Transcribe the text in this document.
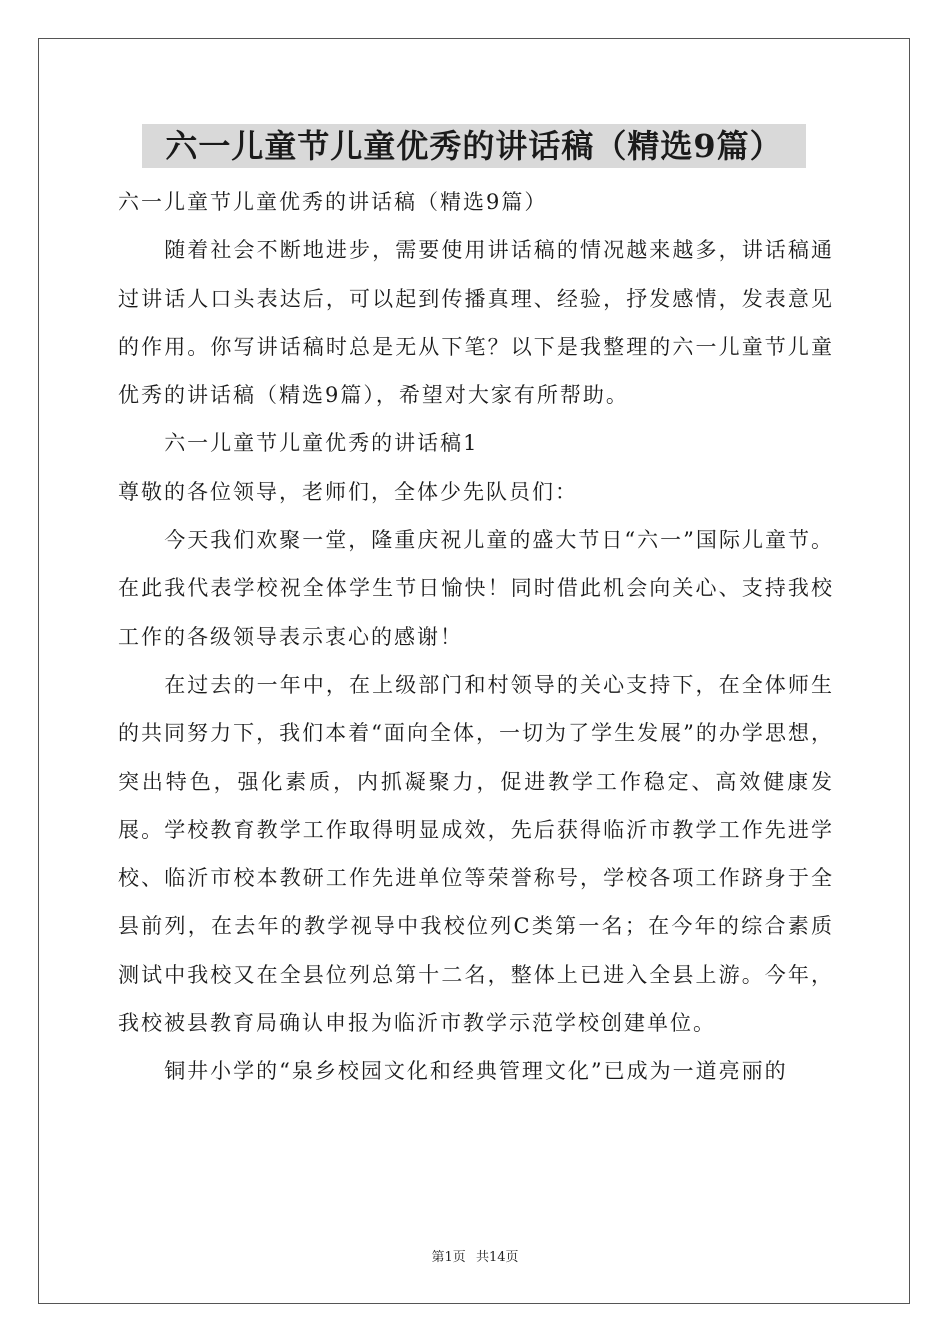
六一儿童节儿童优秀的讲话稿（精选9篇）

六一儿童节儿童优秀的讲话稿（精选9篇）

随着社会不断地进步，需要使用讲话稿的情况越来越多，讲话稿通过讲话人口头表达后，可以起到传播真理、经验，抒发感情，发表意见的作用。你写讲话稿时总是无从下笔？以下是我整理的六一儿童节儿童优秀的讲话稿（精选9篇），希望对大家有所帮助。

六一儿童节儿童优秀的讲话稿1

尊敬的各位领导，老师们，全体少先队员们：

今天我们欢聚一堂，隆重庆祝儿童的盛大节日“六一”国际儿童节。在此我代表学校祝全体学生节日愉快！同时借此机会向关心、支持我校工作的各级领导表示衷心的感谢！

在过去的一年中，在上级部门和村领导的关心支持下，在全体师生的共同努力下，我们本着“面向全体，一切为了学生发展”的办学思想，突出特色，强化素质，内抓凝聚力，促进教学工作稳定、高效健康发展。学校教育教学工作取得明显成效，先后获得临沂市教学工作先进学校、临沂市校本教研工作先进单位等荣誉称号，学校各项工作跻身于全县前列，在去年的教学视导中我校位列C类第一名；在今年的综合素质测试中我校又在全县位列总第十二名，整体上已进入全县上游。今年，我校被县教育局确认申报为临沂市教学示范学校创建单位。

铜井小学的“泉乡校园文化和经典管理文化”已成为一道亮丽的

第1页 共14页
